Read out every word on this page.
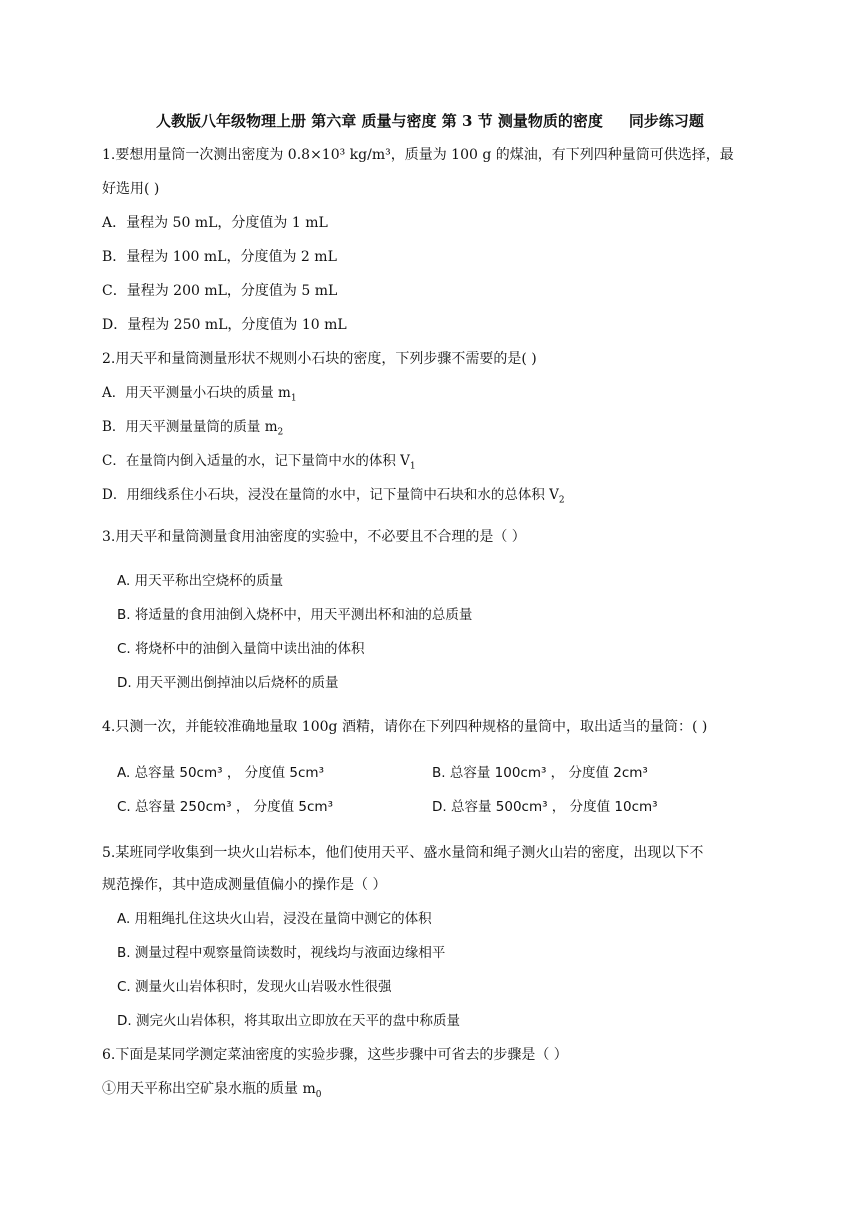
人教版八年级物理上册 第六章 质量与密度 第 3 节 测量物质的密度     同步练习题
1.要想用量筒一次测出密度为 0.8×10³ kg/m³，质量为 100 g 的煤油，有下列四种量筒可供选择，最
好选用( )
A．量程为 50 mL，分度值为 1 mL
B．量程为 100 mL，分度值为 2 mL
C．量程为 200 mL，分度值为 5 mL
D．量程为 250 mL，分度值为 10 mL
2.用天平和量筒测量形状不规则小石块的密度，下列步骤不需要的是( )
A．用天平测量小石块的质量 $m_1$
B．用天平测量量筒的质量 $m_2$
C．在量筒内倒入适量的水，记下量筒中水的体积 $V_1$
D．用细线系住小石块，浸没在量筒的水中，记下量筒中石块和水的总体积 $V_2$
3.用天平和量筒测量食用油密度的实验中，不必要且不合理的是（ ）
A. 用天平称出空烧杯的质量
B. 将适量的食用油倒入烧杯中，用天平测出杯和油的总质量
C. 将烧杯中的油倒入量筒中读出油的体积
D. 用天平测出倒掉油以后烧杯的质量
4.只测一次，并能较准确地量取 100g 酒精，请你在下列四种规格的量筒中，取出适当的量筒：( )
A. 总容量 50cm³ ， 分度值 5cm³	B. 总容量 100cm³ ， 分度值 2cm³
C. 总容量 250cm³ ， 分度值 5cm³	D. 总容量 500cm³ ， 分度值 10cm³
5.某班同学收集到一块火山岩标本，他们使用天平、盛水量筒和绳子测火山岩的密度，出现以下不
规范操作，其中造成测量值偏小的操作是（ ）
A. 用粗绳扎住这块火山岩，浸没在量筒中测它的体积
B. 测量过程中观察量筒读数时，视线均与液面边缘相平
C. 测量火山岩体积时，发现火山岩吸水性很强
D. 测完火山岩体积，将其取出立即放在天平的盘中称质量
6.下面是某同学测定菜油密度的实验步骤，这些步骤中可省去的步骤是（ ）
①用天平称出空矿泉水瓶的质量 $m_0$
